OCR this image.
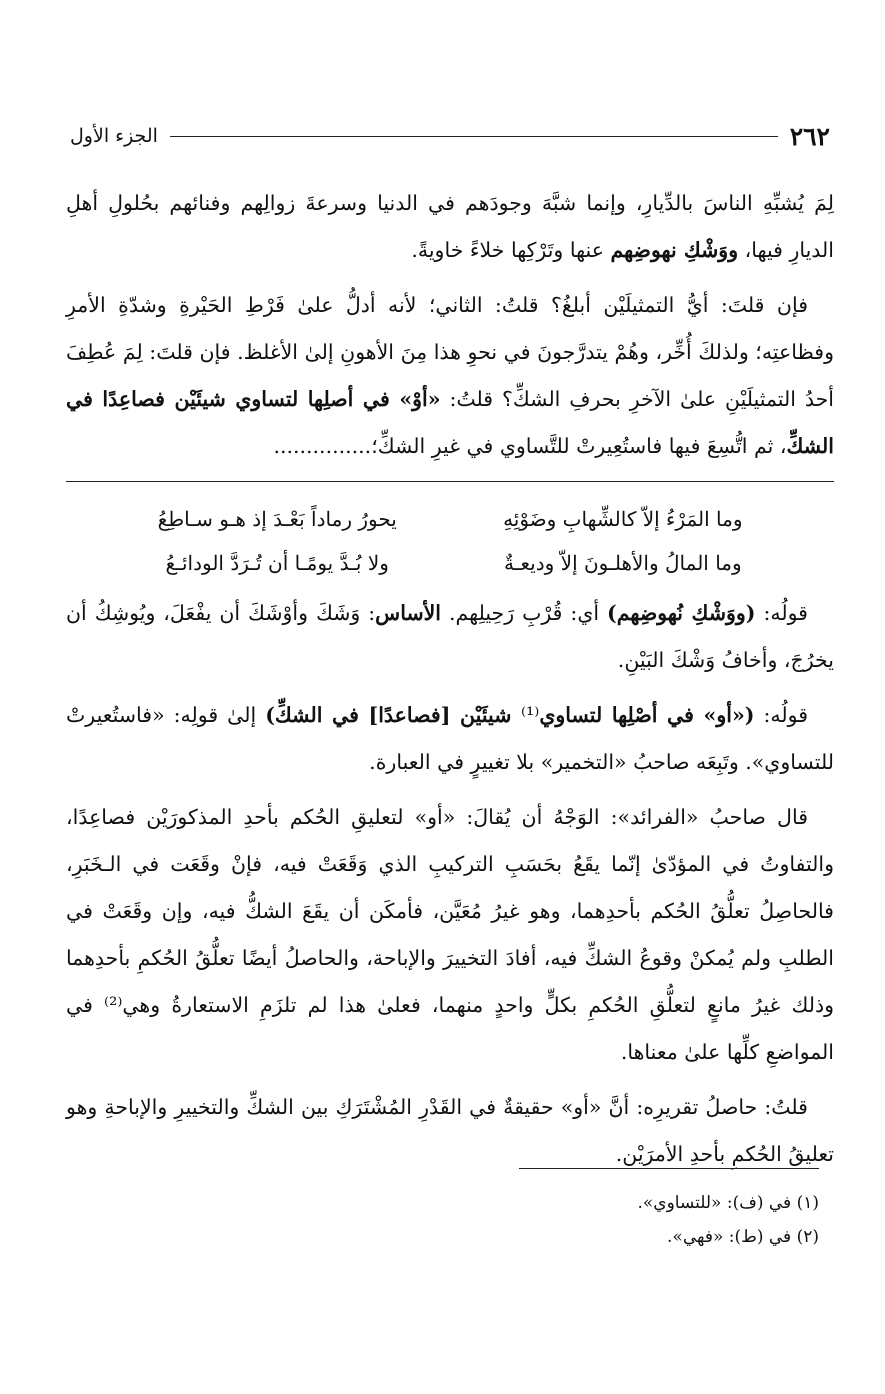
٢٦٢
الجزء الأول

لِمَ يُشبِّهِ الناسَ بالدِّيارِ، وإنما شبَّهَ وجودَهم في الدنيا وسرعةَ زوالِهم وفنائهم بحُلولِ أهلِ الديارِ فيها، ووَشْكِ نهوضِهم عنها وتَرْكِها خلاءً خاويةً.

فإن قلتَ: أيُّ التمثيلَيْن أبلغُ؟ قلتُ: الثاني؛ لأنه أدلُّ علىٰ فَرْطِ الحَيْرةِ وشدّةِ الأمرِ وفظاعتِه؛ ولذلكَ أُخِّر، وهُمْ يتدرَّجونَ في نحوِ هذا مِنَ الأهونِ إلىٰ الأغلظ. فإن قلتَ: لِمَ عُطِفَ أحدُ التمثيلَيْنِ علىٰ الآخرِ بحرفِ الشكِّ؟ قلتُ: «أوْ» في أصلِها لتساوي شيئَيْن فصاعِدًا في الشكِّ، ثم اتُّسِعَ فيها فاستُعِيرتْ للتَّساوي في غيرِ الشكِّ؛...............

وما المَرْءُ إلاّ كالشِّهابِ وضَوْئِهِ
يحورُ رماداً بَعْـدَ إذ هـو سـاطِعُ
وما المالُ والأهلـونَ إلاّ وديعـةٌ
ولا بُـدَّ يومًـا أن تُـرَدَّ الودائـعُ

قولُه: (ووَشْكِ نُهوضِهم) أي: قُرْبِ رَحِيلِهم. الأساس: وَشَكَ وأوْشَكَ أن يفْعَلَ، ويُوشِكُ أن يخرُجَ، وأخافُ وَشْكَ البَيْنِ.

قولُه: («أو» في أصْلِها لتساوي⁽¹⁾ شيئَيْن [فصاعدًا] في الشكِّ) إلىٰ قولِه: «فاستُعيرتْ للتساوي». وتَبِعَه صاحبُ «التخمير» بلا تغييرٍ في العبارة.

قال صاحبُ «الفرائد»: الوَجْهُ أن يُقالَ: «أو» لتعليقِ الحُكم بأحدِ المذكورَيْن فصاعِدًا، والتفاوتُ في المؤدّىٰ إنّما يقَعُ بحَسَبِ التركيبِ الذي وَقَعَتْ فيه، فإنْ وقَعَت في الـخَبَرِ، فالحاصِلُ تعلُّقُ الحُكم بأحدِهما، وهو غيرُ مُعَيَّن، فأمكَن أن يقَعَ الشكُّ فيه، وإن وقَعَتْ في الطلبِ ولم يُمكنْ وقوعُ الشكِّ فيه، أفادَ التخييرَ والإباحة، والحاصلُ أيضًا تعلُّقُ الحُكمِ بأحدِهما وذلك غيرُ مانعٍ لتعلُّقِ الحُكمِ بكلٍّ واحدٍ منهما، فعلىٰ هذا لم تلزَمِ الاستعارةُ وهي⁽²⁾ في المواضعِ كلِّها علىٰ معناها.

قلتُ: حاصلُ تقريرِه: أنَّ «أو» حقيقةٌ في القَدْرِ المُشْتَرَكِ بين الشكِّ والتخييرِ والإباحةِ وهو تعليقُ الحُكمِ بأحدِ الأمرَيْن.

(١) في (ف): «للتساوي».
(٢) في (ط): «فهي».
